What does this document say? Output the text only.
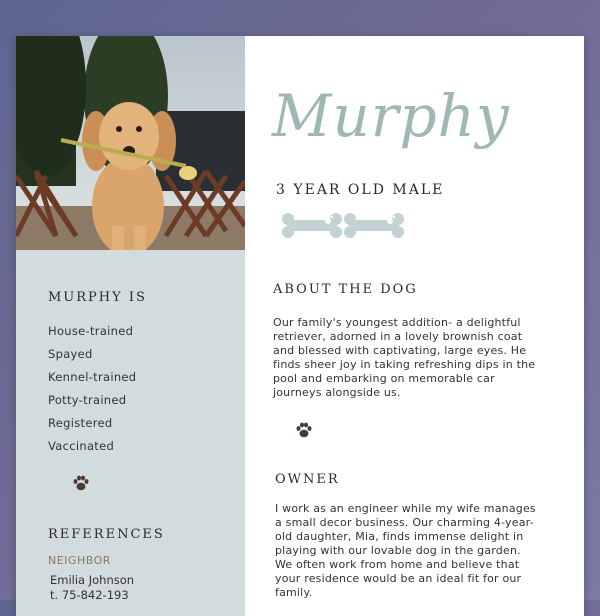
MURPHY IS
House-trained
Spayed
Kennel-trained
Potty-trained
Registered
Vaccinated
REFERENCES
NEIGHBOR
Emilia Johnson
t. 75-842-193
Murphy
3 YEAR OLD MALE
ABOUT THE DOG

Our family's youngest addition- a delightful retriever, adorned in a lovely brownish coat and blessed with captivating, large eyes. He finds sheer joy in taking refreshing dips in the pool and embarking on memorable car journeys alongside us.

OWNER

I work as an engineer while my wife manages a small decor business. Our charming 4-year-old daughter, Mia, finds immense delight in playing with our lovable dog in the garden. We often work from home and believe that your residence would be an ideal fit for our family.
